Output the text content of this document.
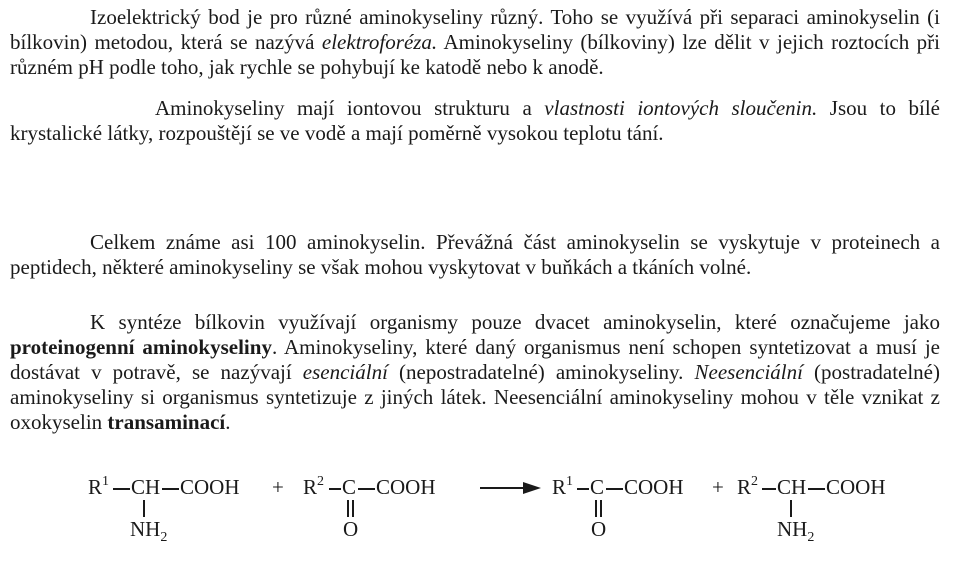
Izoelektrický bod je pro různé aminokyseliny různý. Toho se využívá při separaci aminokyselin (i bílkovin) metodou, která se nazývá elektroforéza. Aminokyseliny (bílkoviny) lze dělit v jejich roztocích při různém pH podle toho, jak rychle se pohybují ke katodě nebo k anodě.

Aminokyseliny mají iontovou strukturu a vlastnosti iontových sloučenin. Jsou to bílé krystalické látky, rozpouštějí se ve vodě a mají poměrně vysokou teplotu tání.

Celkem známe asi 100 aminokyselin. Převážná část aminokyselin se vyskytuje v proteinech a peptidech, některé aminokyseliny se však mohou vyskytovat v buňkách a tkáních volné.

K syntéze bílkovin využívají organismy pouze dvacet aminokyselin, které označujeme jako proteinogenní aminokyseliny. Aminokyseliny, které daný organismus není schopen syntetizovat a musí je dostávat v potravě, se nazývají esenciální (nepostradatelné) aminokyseliny. Neesenciální (postradatelné) aminokyseliny si organismus syntetizuje z jiných látek. Neesenciální aminokyseliny mohou v těle vznikat z oxokyselin transaminací.

$R^1$ CH COOH
$NH_2$
+ $R^2$ C COOH
O
$R^1$ C COOH
O
+ $R^2$ CH COOH
$NH_2$
